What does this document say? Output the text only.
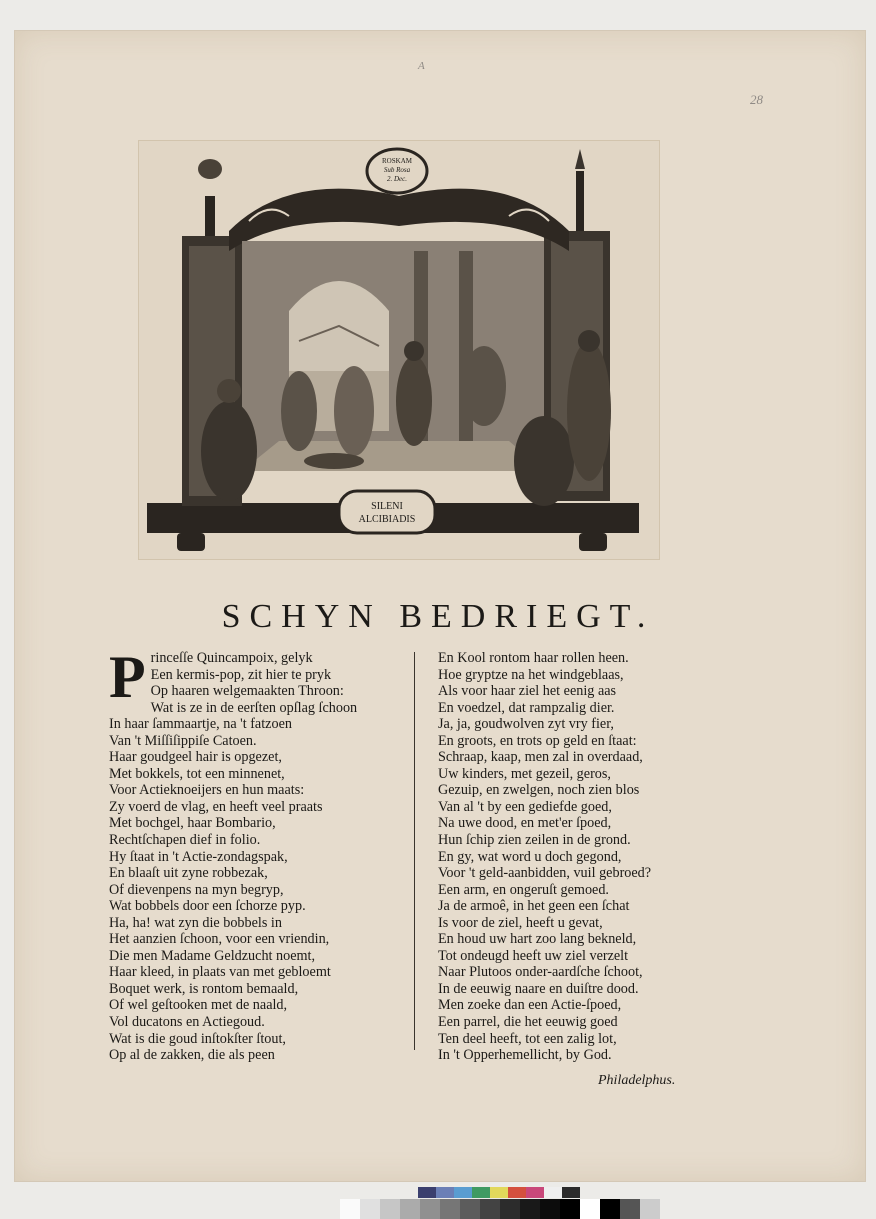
A
28
SILENI
ALCIBIADIS
ROSKAM
Sub Rosa
2. Dec.
SCHYN BEDRIEGT.
P rinceſſe Quincampoix, gelyk
Een kermis-pop, zit hier te pryk
Op haaren welgemaakten Throon:
Wat is ze in de eerſten opſlag ſchoon
In haar ſammaartje, na 't fatzoen
Van 't Miſſiſippiſe Catoen.
Haar goudgeel hair is opgezet,
Met bokkels, tot een minnenet,
Voor Actieknoeijers en hun maats:
Zy voerd de vlag, en heeft veel praats
Met bochgel, haar Bombario,
Rechtſchapen dief in folio.
Hy ſtaat in 't Actie-zondagspak,
En blaaſt uit zyne robbezak,
Of dievenpens na myn begryp,
Wat bobbels door een ſchorze pyp.
Ha, ha! wat zyn die bobbels in
Het aanzien ſchoon, voor een vriendin,
Die men Madame Geldzucht noemt,
Haar kleed, in plaats van met gebloemt
Boquet werk, is rontom bemaald,
Of wel geſtooken met de naald,
Vol ducatons en Actiegoud.
Wat is die goud inſtokſter ſtout,
Op al de zakken, die als peen
En Kool rontom haar rollen heen.
Hoe gryptze na het windgeblaas,
Als voor haar ziel het eenig aas
En voedzel, dat rampzalig dier.
Ja, ja, goudwolven zyt vry fier,
En groots, en trots op geld en ſtaat:
Schraap, kaap, men zal in overdaad,
Uw kinders, met gezeil, geros,
Gezuip, en zwelgen, noch zien blos
Van al 't by een gediefde goed,
Na uwe dood, en met'er ſpoed,
Hun ſchip zien zeilen in de grond.
En gy, wat word u doch gegond,
Voor 't geld-aanbidden, vuil gebroed?
Een arm, en ongeruſt gemoed.
Ja de armoê, in het geen een ſchat
Is voor de ziel, heeft u gevat,
En houd uw hart zoo lang bekneld,
Tot ondeugd heeft uw ziel verzelt
Naar Plutoos onder-aardſche ſchoot,
In de eeuwig naare en duiſtre dood.
Men zoeke dan een Actie-ſpoed,
Een parrel, die het eeuwig goed
Ten deel heeft, tot een zalig lot,
In 't Opperhemellicht, by God.
Philadelphus.
